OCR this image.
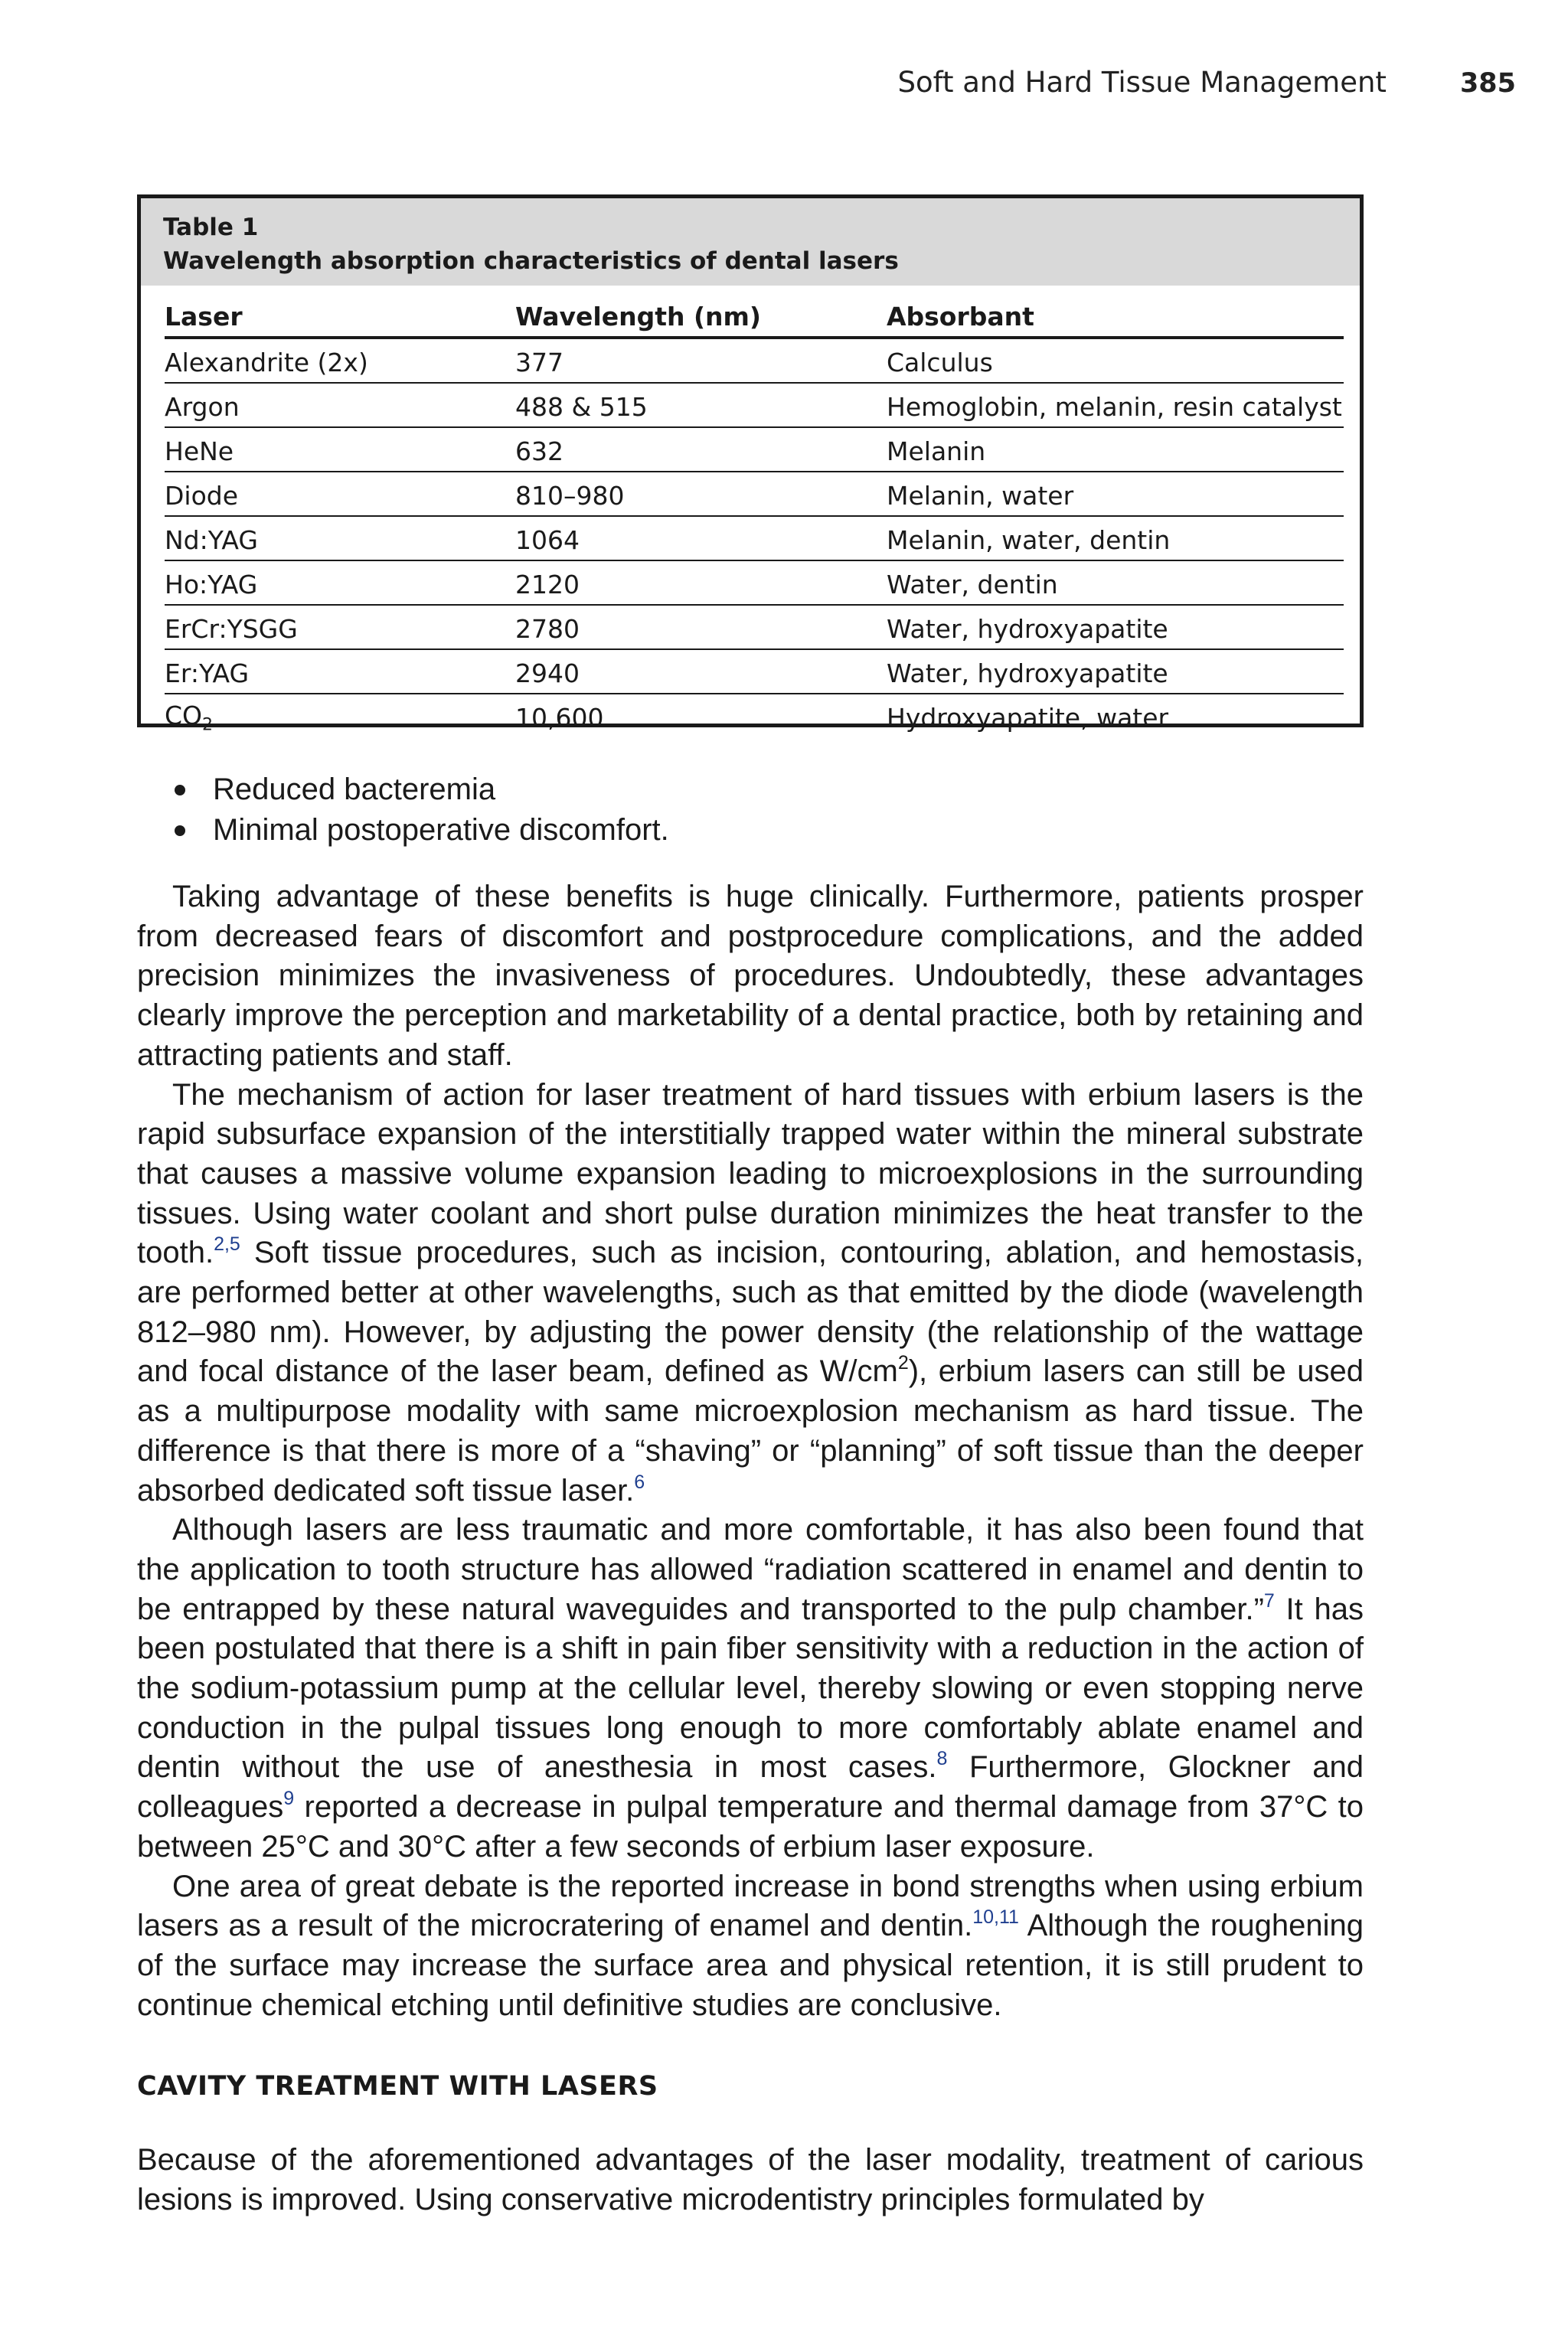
Soft and Hard Tissue Management	385
Table 1
Wavelength absorption characteristics of dental lasers
Laser	Wavelength (nm)	Absorbant
Alexandrite (2x)	377	Calculus
Argon	488 & 515	Hemoglobin, melanin, resin catalyst
HeNe	632	Melanin
Diode	810–980	Melanin, water
Nd:YAG	1064	Melanin, water, dentin
Ho:YAG	2120	Water, dentin
ErCr:YSGG	2780	Water, hydroxyapatite
Er:YAG	2940	Water, hydroxyapatite
$CO_2$	10,600	Hydroxyapatite, water
Reduced bacteremia
Minimal postoperative discomfort.

Taking advantage of these benefits is huge clinically. Furthermore, patients prosper from decreased fears of discomfort and postprocedure complications, and the added precision minimizes the invasiveness of procedures. Undoubtedly, these advantages clearly improve the perception and marketability of a dental practice, both by retaining and attracting patients and staff.

The mechanism of action for laser treatment of hard tissues with erbium lasers is the rapid subsurface expansion of the interstitially trapped water within the mineral substrate that causes a massive volume expansion leading to microexplosions in the surrounding tissues. Using water coolant and short pulse duration minimizes the heat transfer to the tooth.$^{2,5}$ Soft tissue procedures, such as incision, contouring, ablation, and hemostasis, are performed better at other wavelengths, such as that emitted by the diode (wavelength 812–980 nm). However, by adjusting the power density (the relationship of the wattage and focal distance of the laser beam, defined as $W/cm^2$), erbium lasers can still be used as a multipurpose modality with same microexplosion mechanism as hard tissue. The difference is that there is more of a “shaving” or “planning” of soft tissue than the deeper absorbed dedicated soft tissue laser.$^6$

Although lasers are less traumatic and more comfortable, it has also been found that the application to tooth structure has allowed “radiation scattered in enamel and dentin to be entrapped by these natural waveguides and transported to the pulp chamber.”$^7$ It has been postulated that there is a shift in pain fiber sensitivity with a reduction in the action of the sodium-potassium pump at the cellular level, thereby slowing or even stopping nerve conduction in the pulpal tissues long enough to more comfortably ablate enamel and dentin without the use of anesthesia in most cases.$^8$ Furthermore, Glockner and colleagues$^9$ reported a decrease in pulpal temperature and thermal damage from 37°C to between 25°C and 30°C after a few seconds of erbium laser exposure.

One area of great debate is the reported increase in bond strengths when using erbium lasers as a result of the microcratering of enamel and dentin.$^{10,11}$ Although the roughening of the surface may increase the surface area and physical retention, it is still prudent to continue chemical etching until definitive studies are conclusive.

CAVITY TREATMENT WITH LASERS

Because of the aforementioned advantages of the laser modality, treatment of carious lesions is improved. Using conservative microdentistry principles formulated by
